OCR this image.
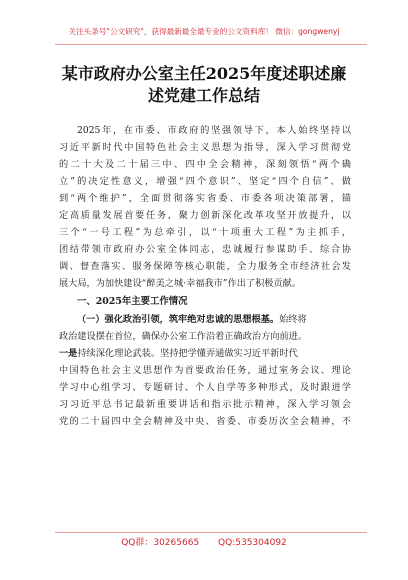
关注头条号"公文研究"，获得最新最全最专业的公文资料库！ 微信：gongwenyj
某市政府办公室主任2025年度述职述廉
述党建工作总结
2025年，在市委、市政府的坚强领导下，本人始终坚持以
习近平新时代中国特色社会主义思想为指导，深入学习贯彻党
的二十大及二十届三中、四中全会精神，深刻领悟“两个确
立”的决定性意义，增强“四个意识”、坚定“四个自信”、做
到“两个维护”，全面贯彻落实省委、市委各项决策部署，锚
定高质量发展首要任务，聚力创新深化改革攻坚开放提升，以
三个“一号工程”为总牵引，以“十项重大工程”为主抓手，
团结带领市政府办公室全体同志，忠诚履行参谋助手、综合协
调、督查落实、服务保障等核心职能，全力服务全市经济社会发
展大局，为加快建设“醉美之城·幸福我市”作出了积极贡献。
一、2025年主要工作情况
（一）强化政治引领，筑牢绝对忠诚的思想根基。始终将
政治建设摆在首位，确保办公室工作沿着正确政治方向前进。
一是持续深化理论武装。坚持把学懂弄通做实习近平新时代
中国特色社会主义思想作为首要政治任务，通过室务会议、理论
学习中心组学习、专题研讨、个人自学等多种形式，及时跟进学
习习近平总书记最新重要讲话和指示批示精神，深入学习领会
党的二十届四中全会精神及中央、省委、市委历次全会精神，不
QQ群：30265665 QQ:535304092
